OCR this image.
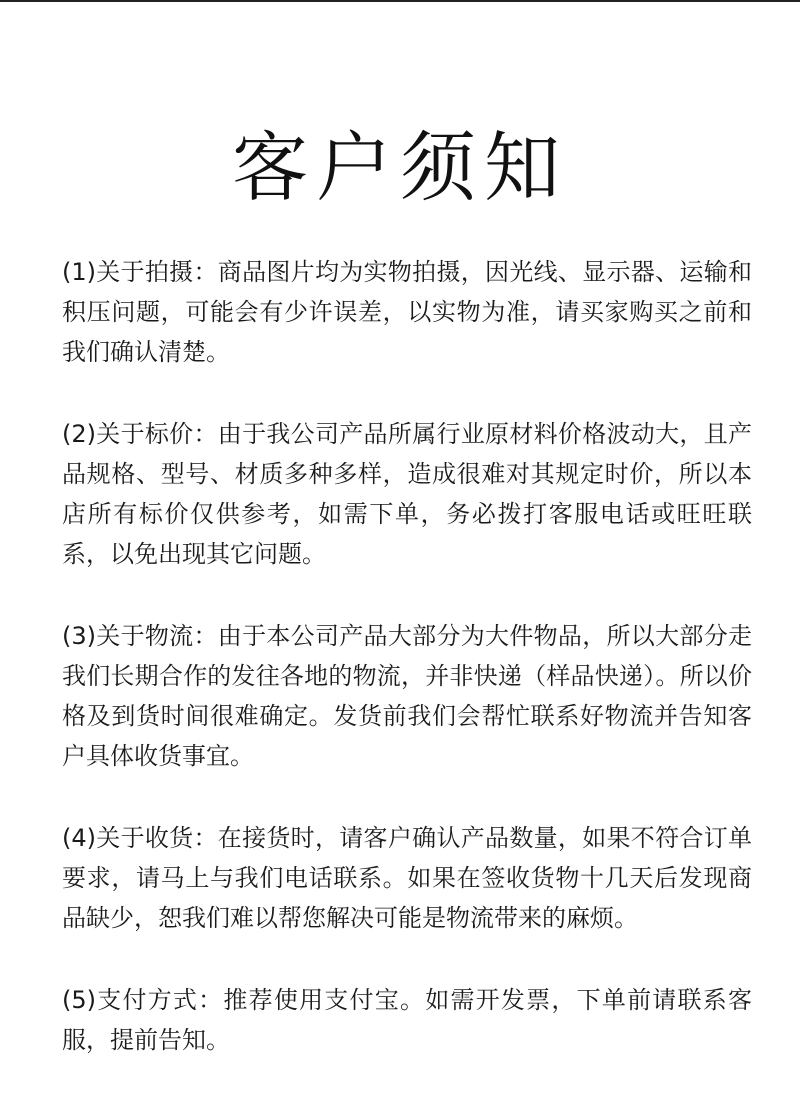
客户须知
(1)关于拍摄：商品图片均为实物拍摄，因光线、显示器、运输和积压问题，可能会有少许误差，以实物为准，请买家购买之前和我们确认清楚。
(2)关于标价：由于我公司产品所属行业原材料价格波动大，且产品规格、型号、材质多种多样，造成很难对其规定时价，所以本店所有标价仅供参考，如需下单，务必拨打客服电话或旺旺联系，以免出现其它问题。
(3)关于物流：由于本公司产品大部分为大件物品，所以大部分走我们长期合作的发往各地的物流，并非快递（样品快递）。所以价格及到货时间很难确定。发货前我们会帮忙联系好物流并告知客户具体收货事宜。
(4)关于收货：在接货时，请客户确认产品数量，如果不符合订单要求，请马上与我们电话联系。如果在签收货物十几天后发现商品缺少，恕我们难以帮您解决可能是物流带来的麻烦。
(5)支付方式：推荐使用支付宝。如需开发票，下单前请联系客服，提前告知。
